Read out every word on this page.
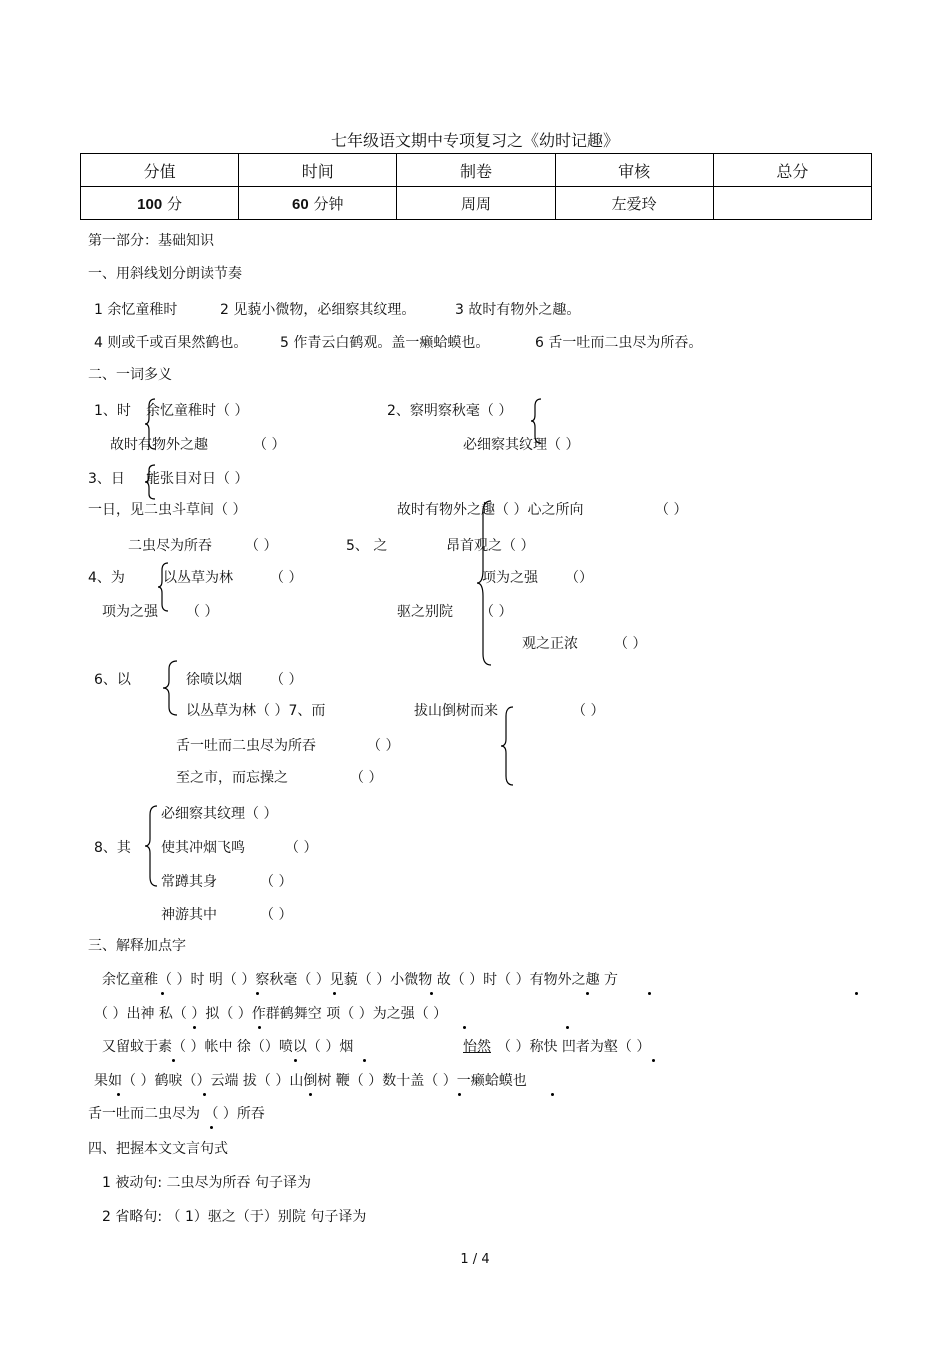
七年级语文期中专项复习之《幼时记趣》
分值	时间	制卷	审核	总分
100 分	60 分钟	周周	左爱玲	
第一部分：基础知识
一、用斜线划分朗读节奏
1 余忆童稚时	2 见藐小微物，必细察其纹理。	3 故时有物外之趣。
4 则或千或百果然鹤也。 5 作青云白鹤观。盖一癞蛤蟆也。	6 舌一吐而二虫尽为所吞。
二、一词多义
1、时 余忆童稚时（ ）	2、察明察秋毫（ ）
故时有物外之趣	（ ）	必细察其纹理（ ）
3、日 能张目对日（ ）
一日，见二虫斗草间（ ）	故时有物外之趣（ ）心之所向	（ ）
二虫尽为所吞 （ ）	5、 之	昂首观之（ ）
4、为	以丛草为林	（ ）	项为之强 （）
项为之强 （ ）	驱之别院 （ ）
观之正浓	（ ）
6、以	徐喷以烟 （ ）
以丛草为林（ ）7、而	拔山倒树而来	（ ）
舌一吐而二虫尽为所吞	（ ）
至之市，而忘操之	（ ）
必细察其纹理（ ）
8、其 使其冲烟飞鸣	（ ）
常蹲其身	（ ）
神游其中	（ ）
三、解释加点字
余忆童稚（ ）时 明（ ）察秋毫（ ）见藐（ ）小微物 故（ ）时（ ）有物外之趣 方
（ ）出神 私（ ）拟（ ）作群鹤舞空 项（ ）为之强（ ）
又留蚊于素（ ）帐中 徐（）喷以（ ）烟	怡然 （ ）称快 凹者为壑（ ）
果如（ ）鹤唳（）云端 拔（ ）山倒树 鞭（ ）数十盖（ ）一癞蛤蟆也
舌一吐而二虫尽为 （ ）所吞
四、把握本文文言句式
1 被动句: 二虫尽为所吞 句子译为
2 省略句: （ 1）驱之（于）别院 句子译为
1 / 4
